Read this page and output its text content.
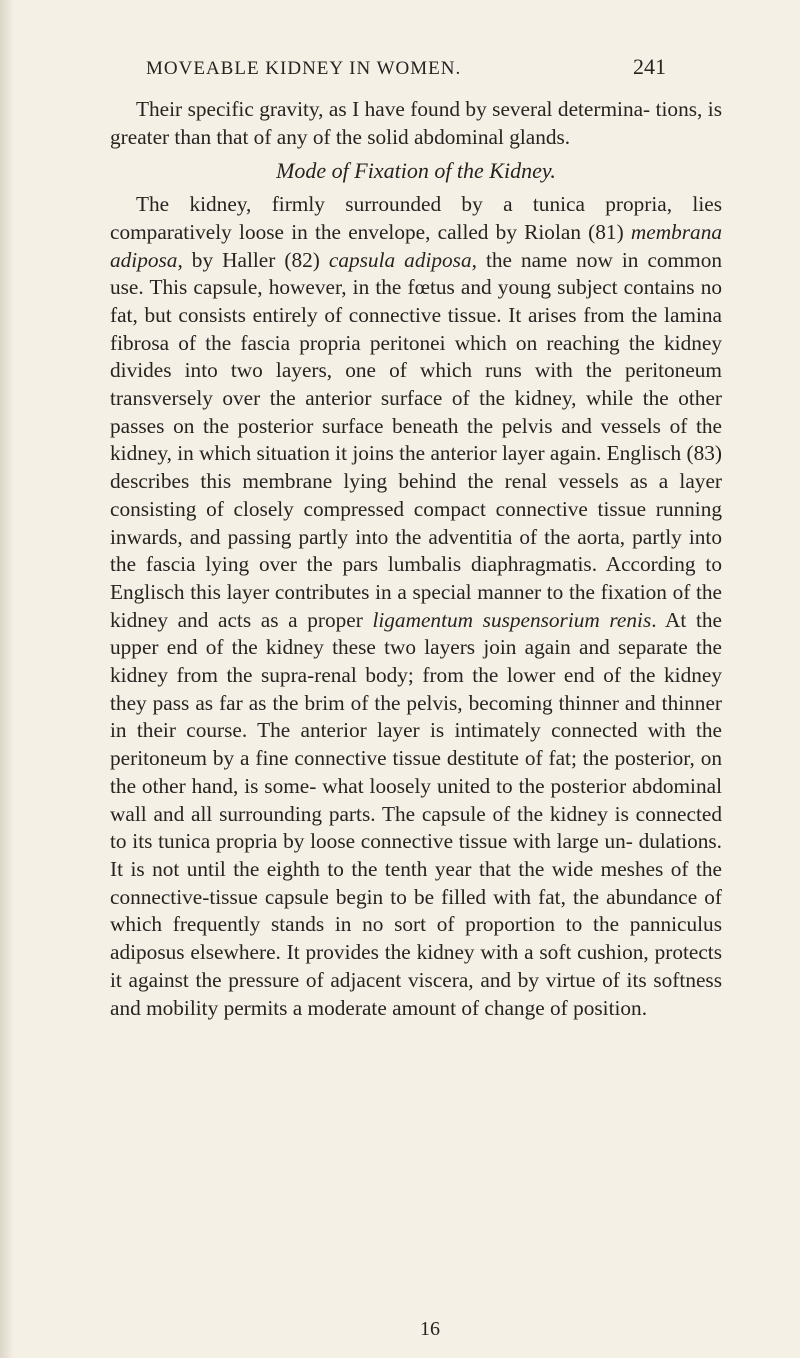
MOVEABLE KIDNEY IN WOMEN.	241

Their specific gravity, as I have found by several determina- tions, is greater than that of any of the solid abdominal glands.

Mode of Fixation of the Kidney.

The kidney, firmly surrounded by a tunica propria, lies comparatively loose in the envelope, called by Riolan (81) membrana adiposa, by Haller (82) capsula adiposa, the name now in common use. This capsule, however, in the fœtus and young subject contains no fat, but consists entirely of connective tissue. It arises from the lamina fibrosa of the fascia propria peritonei which on reaching the kidney divides into two layers, one of which runs with the peritoneum transversely over the anterior surface of the kidney, while the other passes on the posterior surface beneath the pelvis and vessels of the kidney, in which situation it joins the anterior layer again. Englisch (83) describes this membrane lying behind the renal vessels as a layer consisting of closely compressed compact connective tissue running inwards, and passing partly into the adventitia of the aorta, partly into the fascia lying over the pars lumbalis diaphragmatis. According to Englisch this layer contributes in a special manner to the fixation of the kidney and acts as a proper ligamentum suspensorium renis. At the upper end of the kidney these two layers join again and separate the kidney from the supra-renal body; from the lower end of the kidney they pass as far as the brim of the pelvis, becoming thinner and thinner in their course. The anterior layer is intimately connected with the peritoneum by a fine connective tissue destitute of fat; the posterior, on the other hand, is some- what loosely united to the posterior abdominal wall and all surrounding parts. The capsule of the kidney is connected to its tunica propria by loose connective tissue with large un- dulations. It is not until the eighth to the tenth year that the wide meshes of the connective-tissue capsule begin to be filled with fat, the abundance of which frequently stands in no sort of proportion to the panniculus adiposus elsewhere. It provides the kidney with a soft cushion, protects it against the pressure of adjacent viscera, and by virtue of its softness and mobility permits a moderate amount of change of position.

16
